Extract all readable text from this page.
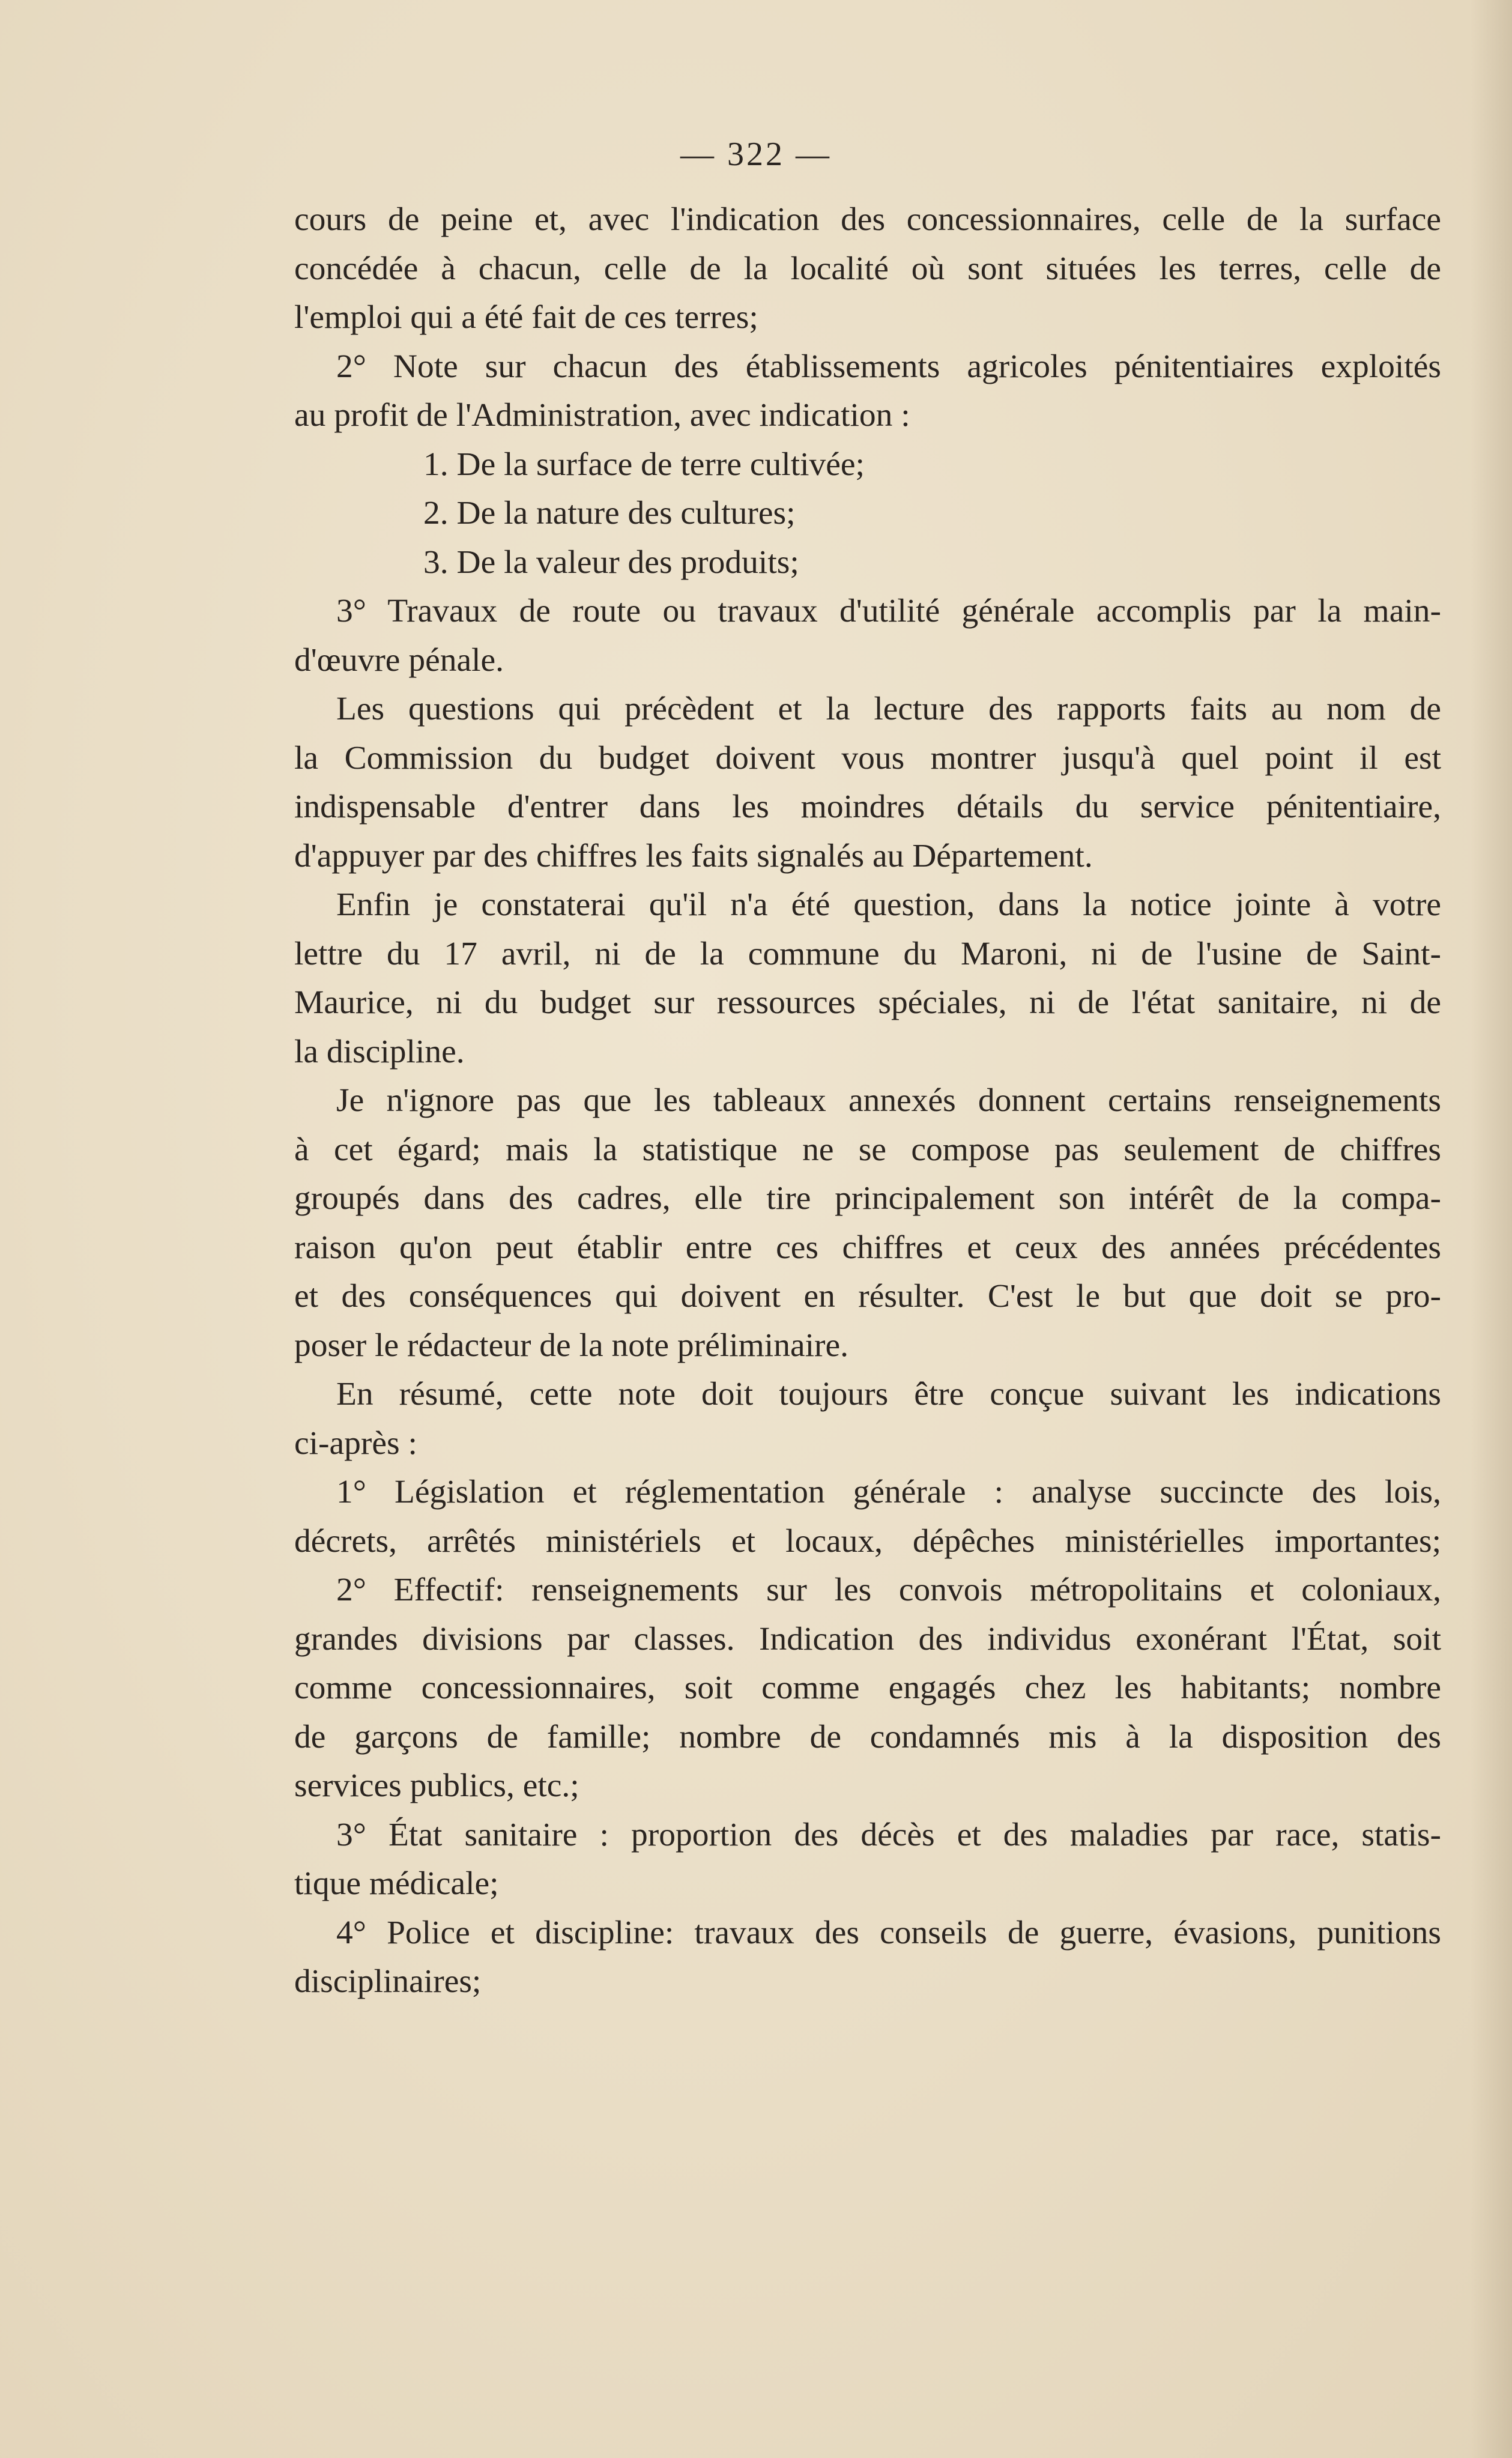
— 322 —
cours de peine et, avec l'indication des concessionnaires, celle de la surface
concédée à chacun, celle de la localité où sont situées les terres, celle de
l'emploi qui a été fait de ces terres;
2° Note sur chacun des établissements agricoles pénitentiaires exploités
au profit de l'Administration, avec indication :
1. De la surface de terre cultivée;
2. De la nature des cultures;
3. De la valeur des produits;
3° Travaux de route ou travaux d'utilité générale accomplis par la main-
d'œuvre pénale.
Les questions qui précèdent et la lecture des rapports faits au nom de
la Commission du budget doivent vous montrer jusqu'à quel point il est
indispensable d'entrer dans les moindres détails du service pénitentiaire,
d'appuyer par des chiffres les faits signalés au Département.
Enfin je constaterai qu'il n'a été question, dans la notice jointe à votre
lettre du 17 avril, ni de la commune du Maroni, ni de l'usine de Saint-
Maurice, ni du budget sur ressources spéciales, ni de l'état sanitaire, ni de
la discipline.
Je n'ignore pas que les tableaux annexés donnent certains renseignements
à cet égard; mais la statistique ne se compose pas seulement de chiffres
groupés dans des cadres, elle tire principalement son intérêt de la compa-
raison qu'on peut établir entre ces chiffres et ceux des années précédentes
et des conséquences qui doivent en résulter. C'est le but que doit se pro-
poser le rédacteur de la note préliminaire.
En résumé, cette note doit toujours être conçue suivant les indications
ci-après :
1° Législation et réglementation générale : analyse succincte des lois,
décrets, arrêtés ministériels et locaux, dépêches ministérielles importantes;
2° Effectif: renseignements sur les convois métropolitains et coloniaux,
grandes divisions par classes. Indication des individus exonérant l'État, soit
comme concessionnaires, soit comme engagés chez les habitants; nombre
de garçons de famille; nombre de condamnés mis à la disposition des
services publics, etc.;
3° État sanitaire : proportion des décès et des maladies par race, statis-
tique médicale;
4° Police et discipline: travaux des conseils de guerre, évasions, punitions
disciplinaires;
